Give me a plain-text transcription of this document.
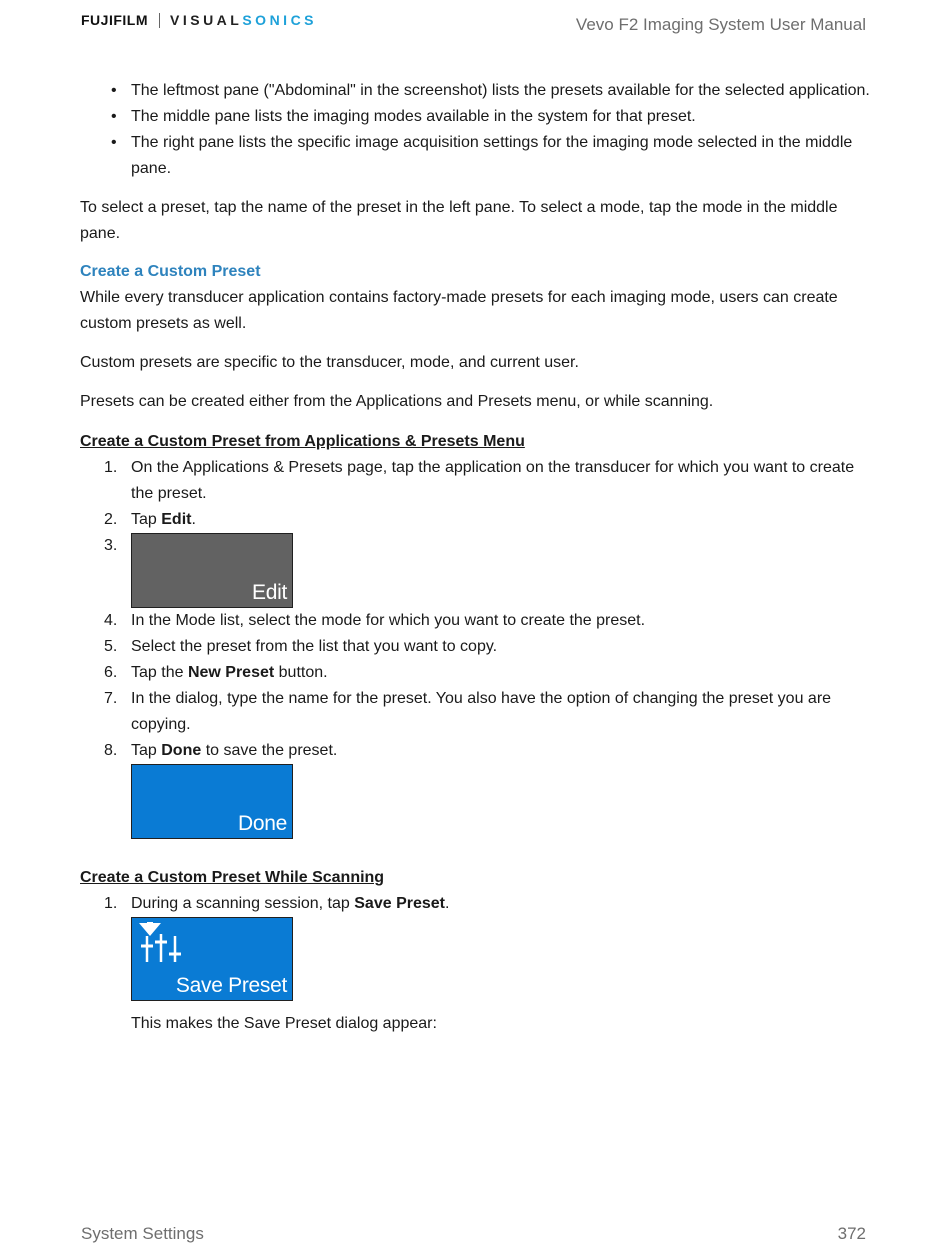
FUJIFILM VISUAL SONICS	Vevo F2 Imaging System User Manual
• The leftmost pane ("Abdominal" in the screenshot) lists the presets available for the selected application.
• The middle pane lists the imaging modes available in the system for that preset.
• The right pane lists the specific image acquisition settings for the imaging mode selected in the middle pane.

To select a preset, tap the name of the preset in the left pane. To select a mode, tap the mode in the middle pane.

Create a Custom Preset

While every transducer application contains factory-made presets for each imaging mode, users can create custom presets as well.

Custom presets are specific to the transducer, mode, and current user.

Presets can be created either from the Applications and Presets menu, or while scanning.

Create a Custom Preset from Applications & Presets Menu
1. On the Applications & Presets page, tap the application on the transducer for which you want to create the preset.
2. Tap Edit.
3.
Edit
4. In the Mode list, select the mode for which you want to create the preset.
5. Select the preset from the list that you want to copy.
6. Tap the New Preset button.
7. In the dialog, type the name for the preset. You also have the option of changing the preset you are copying.
8. Tap Done to save the preset.
Done
Create a Custom Preset While Scanning
1. During a scanning session, tap Save Preset.
Save Preset
This makes the Save Preset dialog appear:
System Settings	372
